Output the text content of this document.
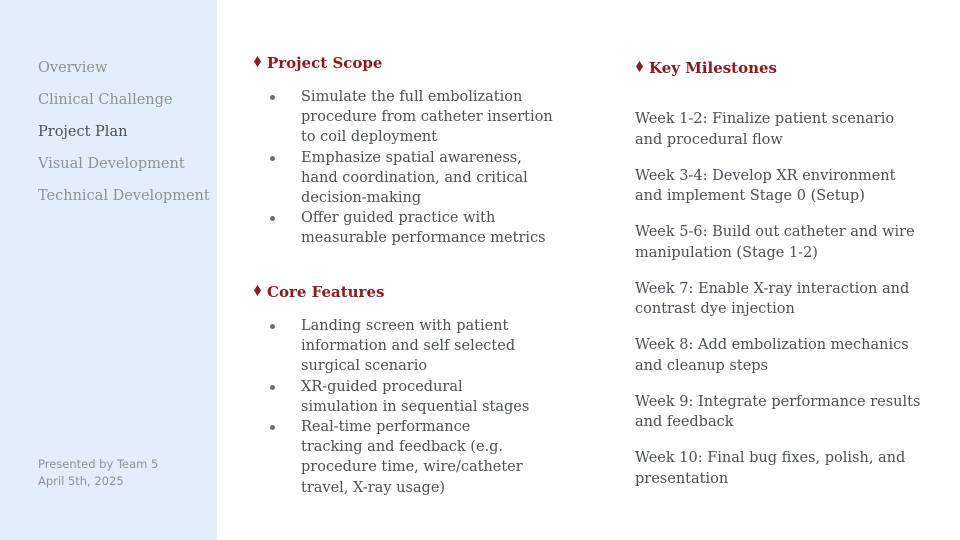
Overview
Clinical Challenge
Project Plan
Visual Development
Technical Development
Presented by Team 5
April 5th, 2025
Project Scope
Simulate the full embolization procedure from catheter insertion to coil deployment
Emphasize spatial awareness, hand coordination, and critical decision-making
Offer guided practice with measurable performance metrics
Core Features
Landing screen with patient information and self selected surgical scenario
XR-guided procedural simulation in sequential stages
Real-time performance tracking and feedback (e.g. procedure time, wire/catheter travel, X-ray usage)
Key Milestones
Week 1-2: Finalize patient scenario and procedural flow
Week 3-4: Develop XR environment and implement Stage 0 (Setup)
Week 5-6: Build out catheter and wire manipulation (Stage 1-2)
Week 7: Enable X-ray interaction and contrast dye injection
Week 8: Add embolization mechanics and cleanup steps
Week 9: Integrate performance results and feedback
Week 10: Final bug fixes, polish, and presentation
